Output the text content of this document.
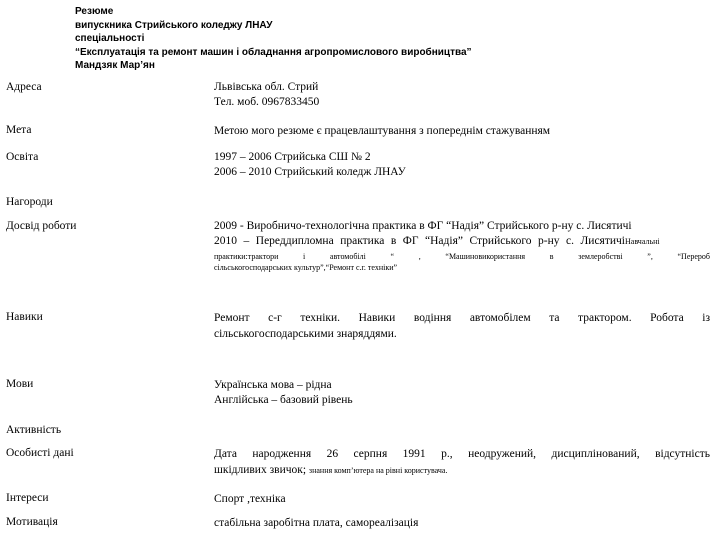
Резюме
випускника Стрийського коледжу ЛНАУ
спеціальності
“Експлуатація та ремонт машин і обладнання агропромислового виробництва”
Мандзяк Мар’ян
Адреса	Львівська обл. Стрий
Тел. моб. 0967833450
Мета	Метою мого резюме є працевлаштування з попереднім стажуванням
Освіта	1997 – 2006 Стрийська СШ № 2
2006 – 2010 Стрийський коледж ЛНАУ
Нагороди
Досвід роботи	2009 - Виробничо-технологічна практика в ФГ “Надія” Стрийського р-ну с. Лисятичі
2010 – Переддипломна практика в ФГ “Надія” Стрийського р-ну с. ЛисятичіНавчальні
практики:трактори і автомобілі “ , “Машиновикористання в землеробстві ”, “Перероб
сільськогосподарських культур”,“Ремонт с.г. техніки”
Навики	Ремонт с-г техніки. Навики водіння автомобілем та трактором. Робота із
сільськогосподарськими знаряддями.
Мови	Українська мова – рідна
Англійська – базовий рівень
Активність
Особисті дані	Дата народження 26 серпня 1991 р., неодружений, дисциплінований, відсутність
шкідливих звичок; знання комп’ютера на рівні користувача.
Інтереси	Спорт ,техніка
Мотивація	стабільна заробітна плата, самореалізація
